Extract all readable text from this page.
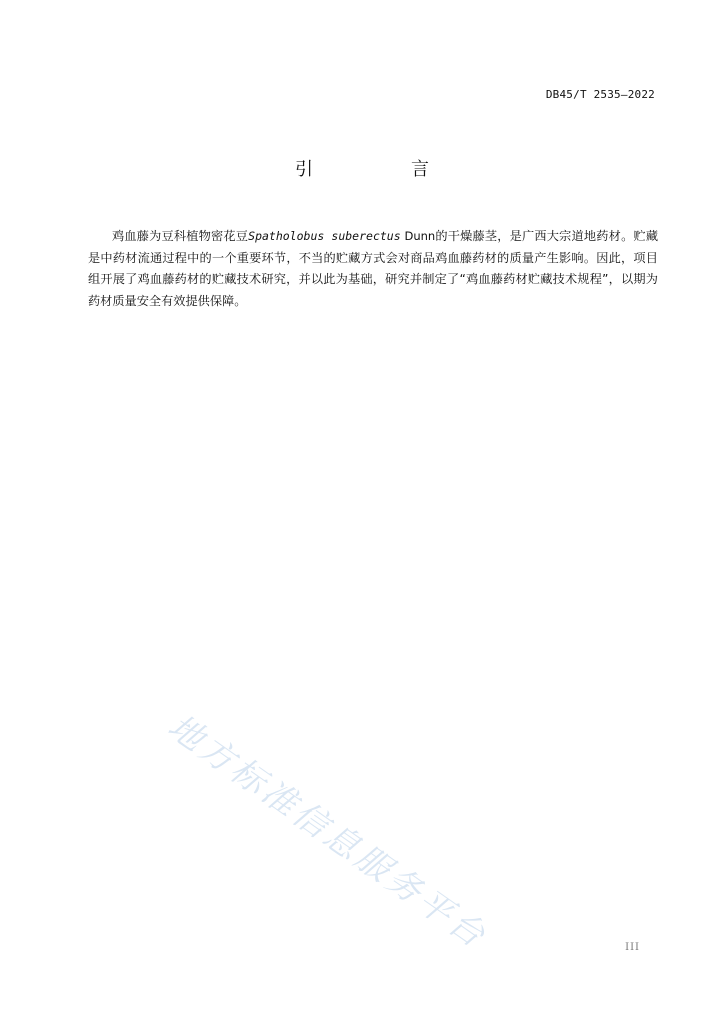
DB45/T 2535—2022
引　言

鸡血藤为豆科植物密花豆Spatholobus suberectus Dunn的干燥藤茎，是广西大宗道地药材。贮藏是中药材流通过程中的一个重要环节，不当的贮藏方式会对商品鸡血藤药材的质量产生影响。因此，项目组开展了鸡血藤药材的贮藏技术研究，并以此为基础，研究并制定了“鸡血藤药材贮藏技术规程”，以期为药材质量安全有效提供保障。

地方标准信息服务平台	III
